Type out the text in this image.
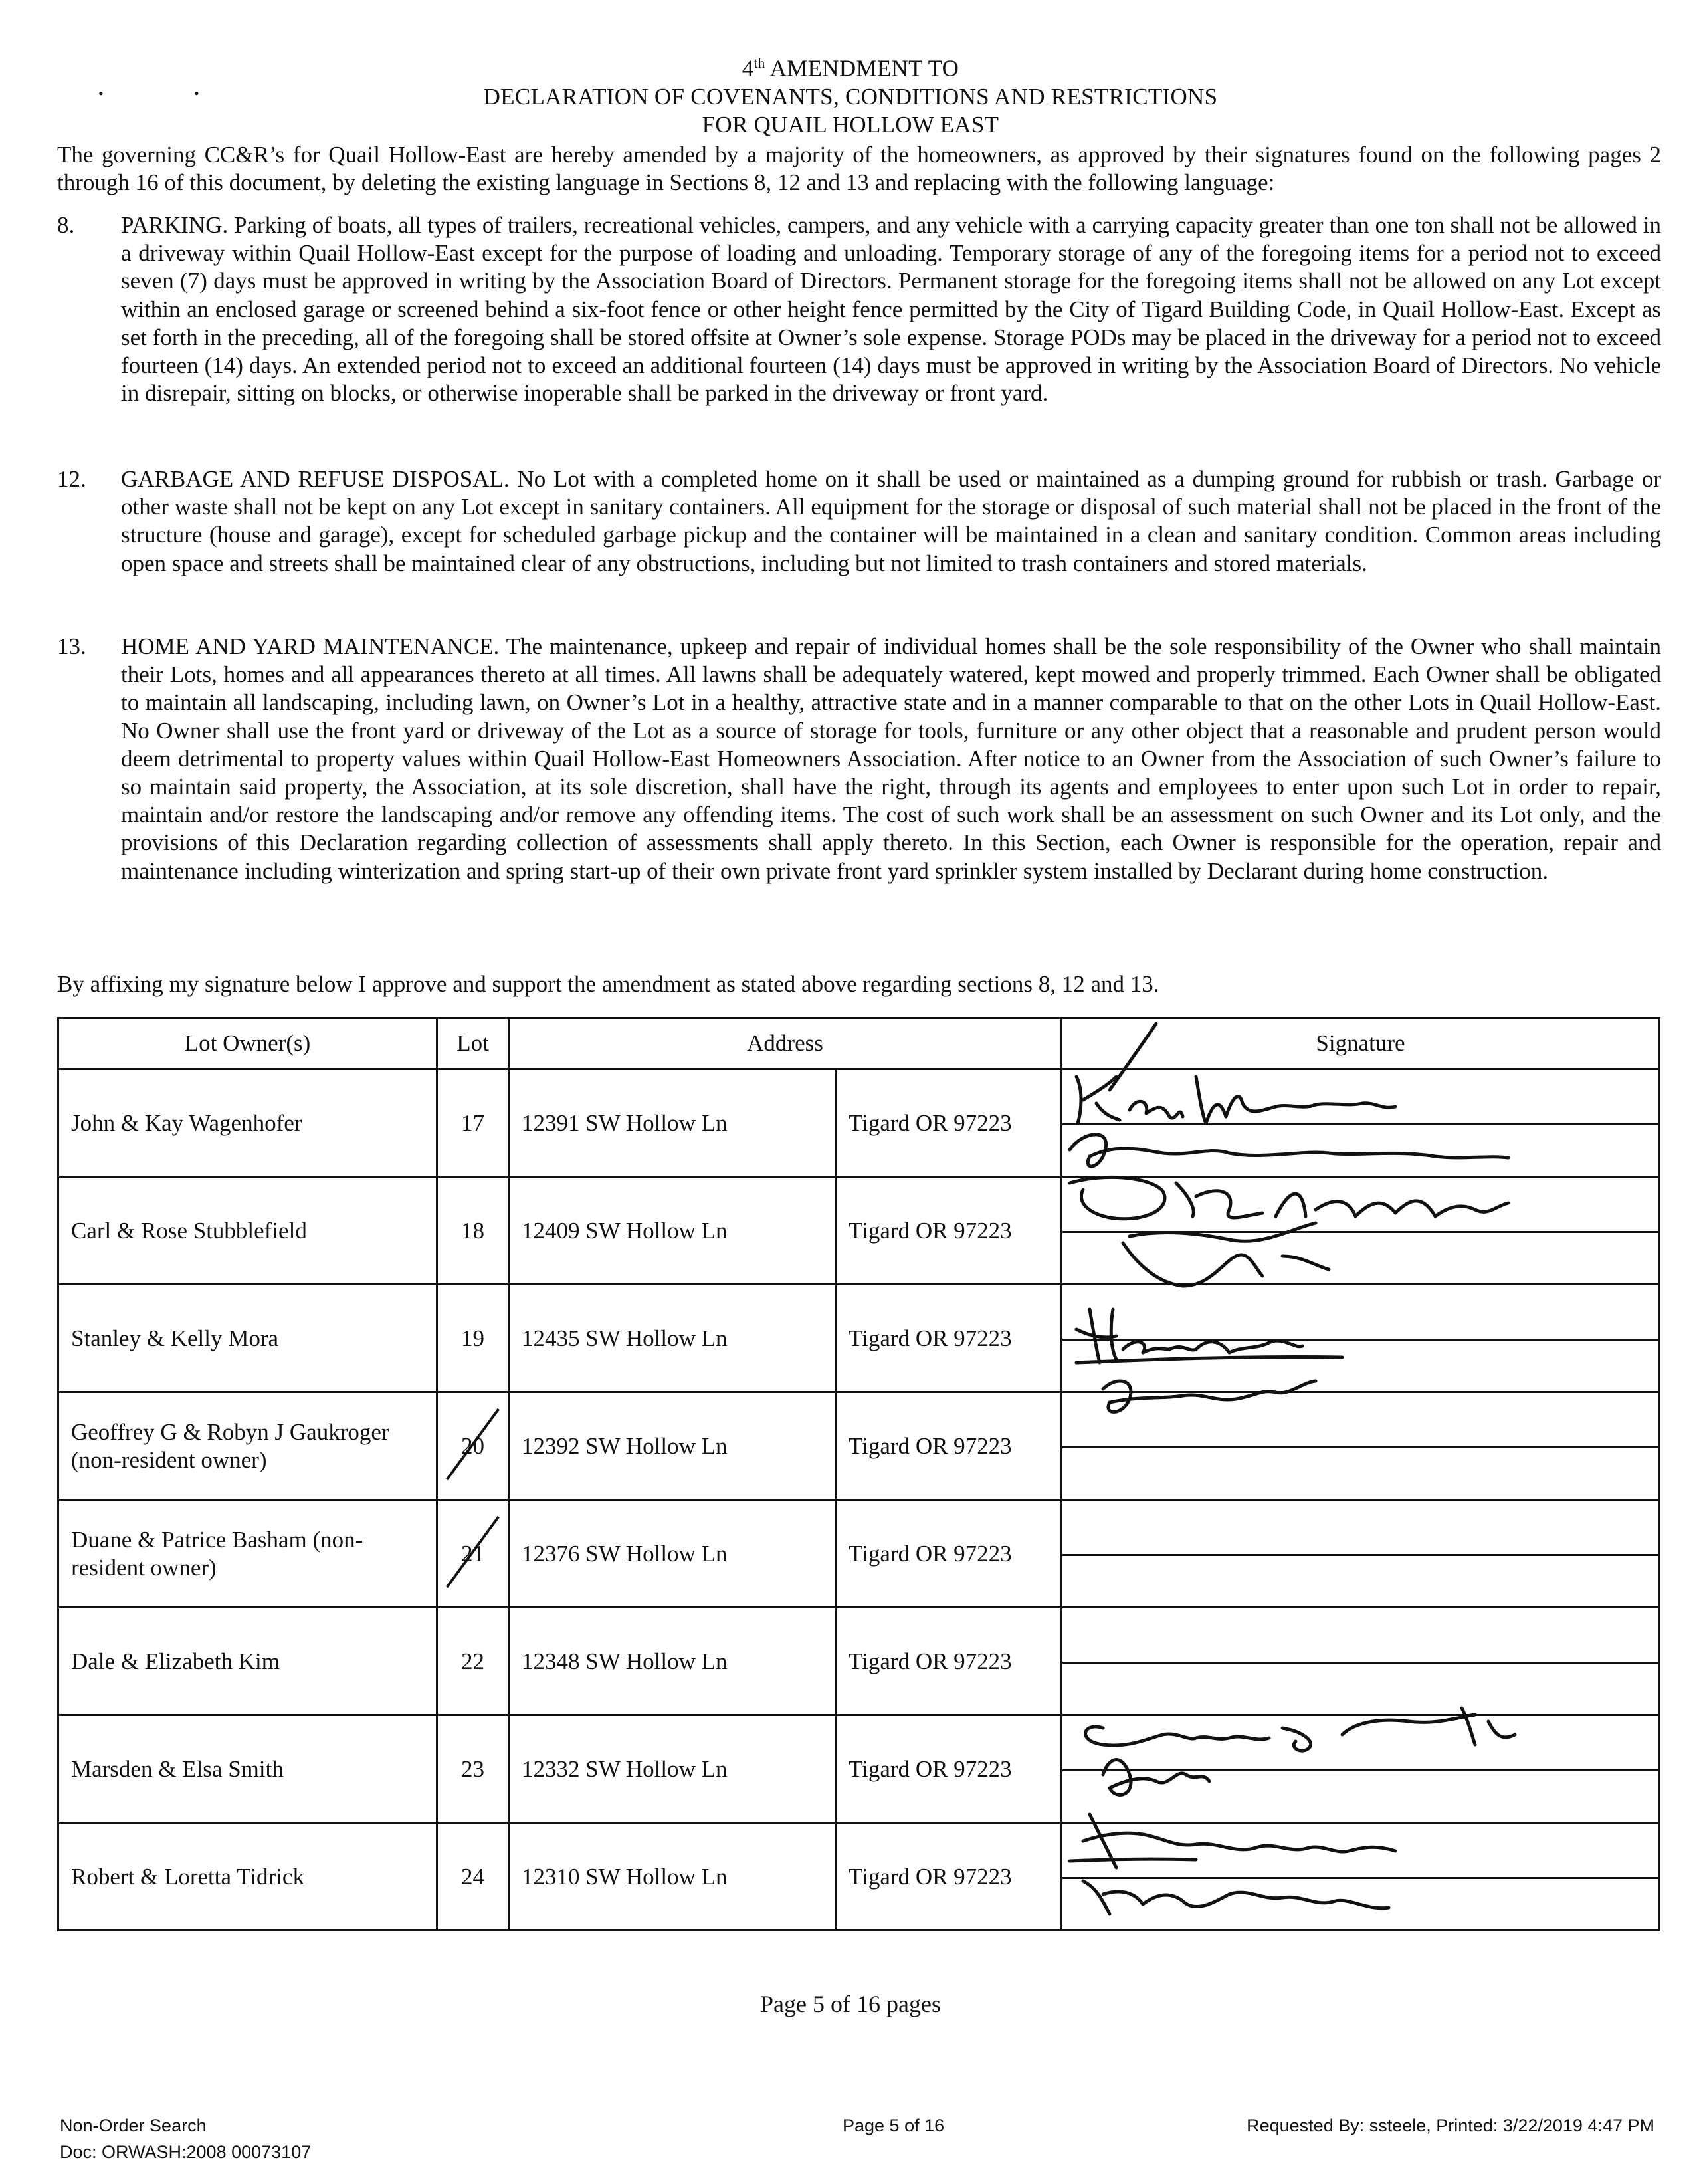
•	•
4th AMENDMENT TO
DECLARATION OF COVENANTS, CONDITIONS AND RESTRICTIONS
FOR QUAIL HOLLOW EAST
The governing CC&R’s for Quail Hollow-East are hereby amended by a majority of the homeowners, as approved by their signatures found on the following pages 2 through 16 of this document, by deleting the existing language in Sections 8, 12 and 13 and replacing with the following language:
8.	PARKING. Parking of boats, all types of trailers, recreational vehicles, campers, and any vehicle with a carrying capacity greater than one ton shall not be allowed in a driveway within Quail Hollow-East except for the purpose of loading and unloading. Temporary storage of any of the foregoing items for a period not to exceed seven (7) days must be approved in writing by the Association Board of Directors. Permanent storage for the foregoing items shall not be allowed on any Lot except within an enclosed garage or screened behind a six-foot fence or other height fence permitted by the City of Tigard Building Code, in Quail Hollow-East. Except as set forth in the preceding, all of the foregoing shall be stored offsite at Owner’s sole expense. Storage PODs may be placed in the driveway for a period not to exceed fourteen (14) days. An extended period not to exceed an additional fourteen (14) days must be approved in writing by the Association Board of Directors. No vehicle in disrepair, sitting on blocks, or otherwise inoperable shall be parked in the driveway or front yard.
12.	GARBAGE AND REFUSE DISPOSAL. No Lot with a completed home on it shall be used or maintained as a dumping ground for rubbish or trash. Garbage or other waste shall not be kept on any Lot except in sanitary containers. All equipment for the storage or disposal of such material shall not be placed in the front of the structure (house and garage), except for scheduled garbage pickup and the container will be maintained in a clean and sanitary condition. Common areas including open space and streets shall be maintained clear of any obstructions, including but not limited to trash containers and stored materials.
13.	HOME AND YARD MAINTENANCE. The maintenance, upkeep and repair of individual homes shall be the sole responsibility of the Owner who shall maintain their Lots, homes and all appearances thereto at all times. All lawns shall be adequately watered, kept mowed and properly trimmed. Each Owner shall be obligated to maintain all landscaping, including lawn, on Owner’s Lot in a healthy, attractive state and in a manner comparable to that on the other Lots in Quail Hollow-East. No Owner shall use the front yard or driveway of the Lot as a source of storage for tools, furniture or any other object that a reasonable and prudent person would deem detrimental to property values within Quail Hollow-East Homeowners Association. After notice to an Owner from the Association of such Owner’s failure to so maintain said property, the Association, at its sole discretion, shall have the right, through its agents and employees to enter upon such Lot in order to repair, maintain and/or restore the landscaping and/or remove any offending items. The cost of such work shall be an assessment on such Owner and its Lot only, and the provisions of this Declaration regarding collection of assessments shall apply thereto. In this Section, each Owner is responsible for the operation, repair and maintenance including winterization and spring start-up of their own private front yard sprinkler system installed by Declarant during home construction.
By affixing my signature below I approve and support the amendment as stated above regarding sections 8, 12 and 13.
Lot Owner(s)	Lot	Address		Signature
John & Kay Wagenhofer	17	12391 SW Hollow Ln	Tigard OR 97223	

Carl & Rose Stubblefield	18	12409 SW Hollow Ln	Tigard OR 97223	

Stanley & Kelly Mora	19	12435 SW Hollow Ln	Tigard OR 97223	

Geoffrey G & Robyn J Gaukroger (non-resident owner)	20	12392 SW Hollow Ln	Tigard OR 97223	

Duane & Patrice Basham (non-resident owner)	21	12376 SW Hollow Ln	Tigard OR 97223	

Dale & Elizabeth Kim	22	12348 SW Hollow Ln	Tigard OR 97223	

Marsden & Elsa Smith	23	12332 SW Hollow Ln	Tigard OR 97223	

Robert & Loretta Tidrick	24	12310 SW Hollow Ln	Tigard OR 97223	
Page 5 of 16 pages
Non-Order Search
Doc: ORWASH:2008 00073107
Page 5 of 16	Requested By: ssteele, Printed: 3/22/2019 4:47 PM
